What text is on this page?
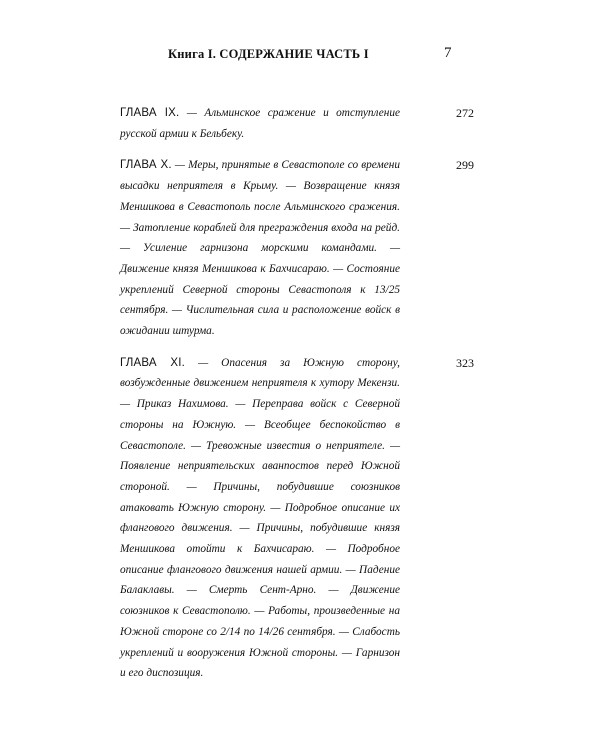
Книга I. СОДЕРЖАНИЕ ЧАСТЬ I	7
ГЛАВА IX. — Альминское сражение и отступление русской армии к Бельбеку.
272
ГЛАВА X. — Меры, принятые в Севастополе со времени высадки неприятеля в Крыму. — Возвращение князя Меншикова в Севастополь после Альминского сражения. — Затопление кораблей для преграждения входа на рейд. — Усиление гарнизона морскими командами. — Движение князя Меншикова к Бахчисараю. — Состояние укреплений Северной стороны Севастополя к 13/25 сентября. — Числительная сила и расположение войск в ожидании штурма.
299
ГЛАВА XI. — Опасения за Южную сторону, возбужденные движением неприятеля к хутору Мекензи. — Приказ Нахимова. — Переправа войск с Северной стороны на Южную. — Всеобщее беспокойство в Севастополе. — Тревожные известия о неприятеле. — Появление неприятельских аванпостов перед Южной стороной. — Причины, побудившие союзников атаковать Южную сторону. — Подробное описание их флангового движения. — Причины, побудившие князя Меншикова отойти к Бахчисараю. — Подробное описание флангового движения нашей армии. — Падение Балаклавы. — Смерть Сент-Арно. — Движение союзников к Севастополю. — Работы, произведенные на Южной стороне со 2/14 по 14/26 сентября. — Слабость укреплений и вооружения Южной стороны. — Гарнизон и его диспозиция.
323
